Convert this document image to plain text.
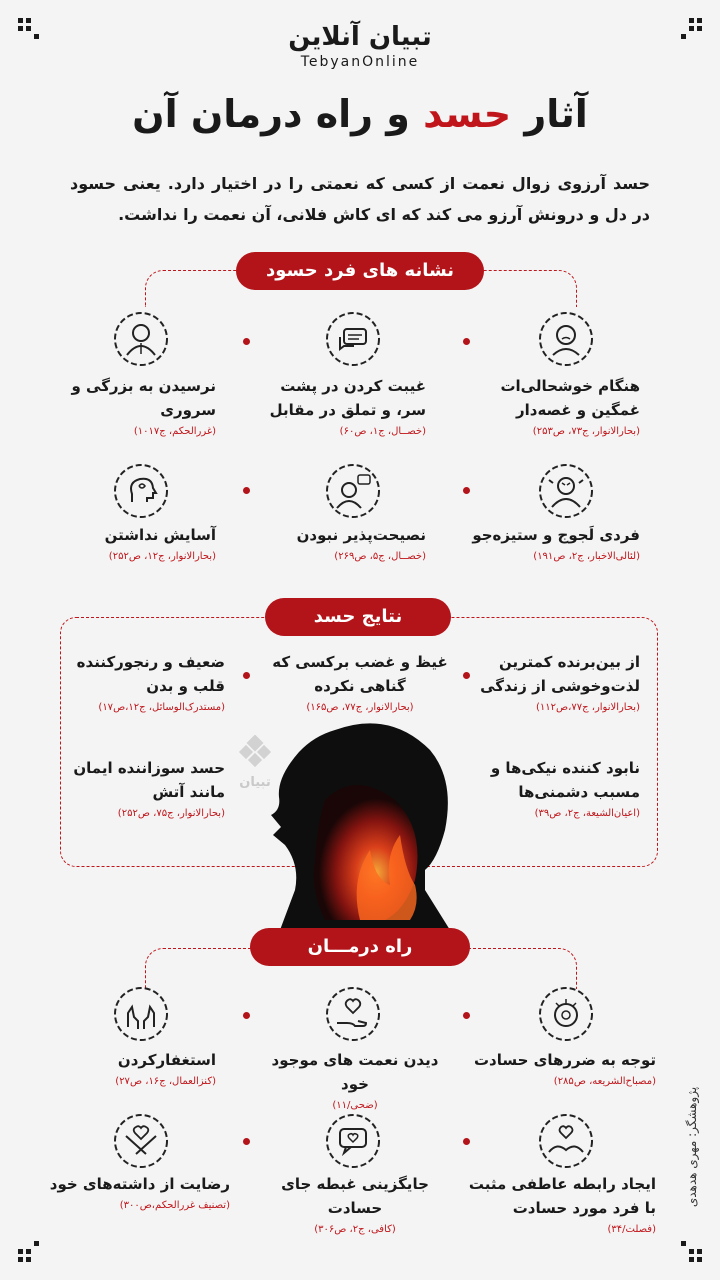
تبیان آنلاین
TebyanOnline
آثار حسد و راه درمان آن
حسد آرزوی زوال نعمت از کسی که نعمتی را در اختیار دارد. یعنی حسود در دل و درونش آرزو می کند که ای کاش فلانی، آن نعمت را نداشت.
نشانه های فرد حسود
هنگام خوشحالی‌ات غمگین و غصه‌دار
(بحارالانوار، ج۷۳، ص۲۵۳)
غیبت کردن در پشت سر، و تملق در مقابل
(خصــال، ج۱، ص۶۰)
نرسیدن به بزرگی و سروری
(غررالحکم، ج۱۰۱۷)
فردی لَجوج و ستیزه‌جو
(لئالی‌الاخبار، ج۲، ص۱۹۱)
نصیحت‌پذیر نبودن
(خصــال، ج۵، ص۲۶۹)
آسایش نداشتن
(بحارالانوار، ج۱۲، ص۲۵۲)
نتایج حسد
از بین‌برنده کمترین لذت‌وخوشی از زندگی
(بحارالانوار، ج۷۷،ص۱۱۲)
غیظ و غضب برکسی که گناهی نکرده
(بحارالانوار، ج۷۷، ص۱۶۵)
ضعیف و رنجورکننده قلب و بدن
(مستدرک‌الوسائل، ج۱۲،ص۱۷)
نابود کننده نیکی‌ها و مسبب دشمنی‌ها
(اعیان‌الشیعة، ج۲، ص۳۹)
حسد سوزاننده ایمان مانند آتش
(بحارالانوار، ج۷۵، ص۲۵۲)
تبیان
راه درمـــان
توجه به ضررهای حسادت
(مصباح‌الشریعه، ص۲۸۵)
دیدن نعمت های موجود خود
(ضحی/۱۱)
استغفارکردن
(کنزالعمال، ج۱۶، ص۲۷)
ایجاد رابطه عاطفی مثبت با فرد مورد حسادت
(فصلت/۳۴)
جایگزینی غبطه جای حسادت
(کافی، ج۲، ص۳۰۶)
رضایت از داشته‌های خود
(تصنیف غررالحکم،ص۳۰۰)	پژوهشگر: مهری هدهدی
